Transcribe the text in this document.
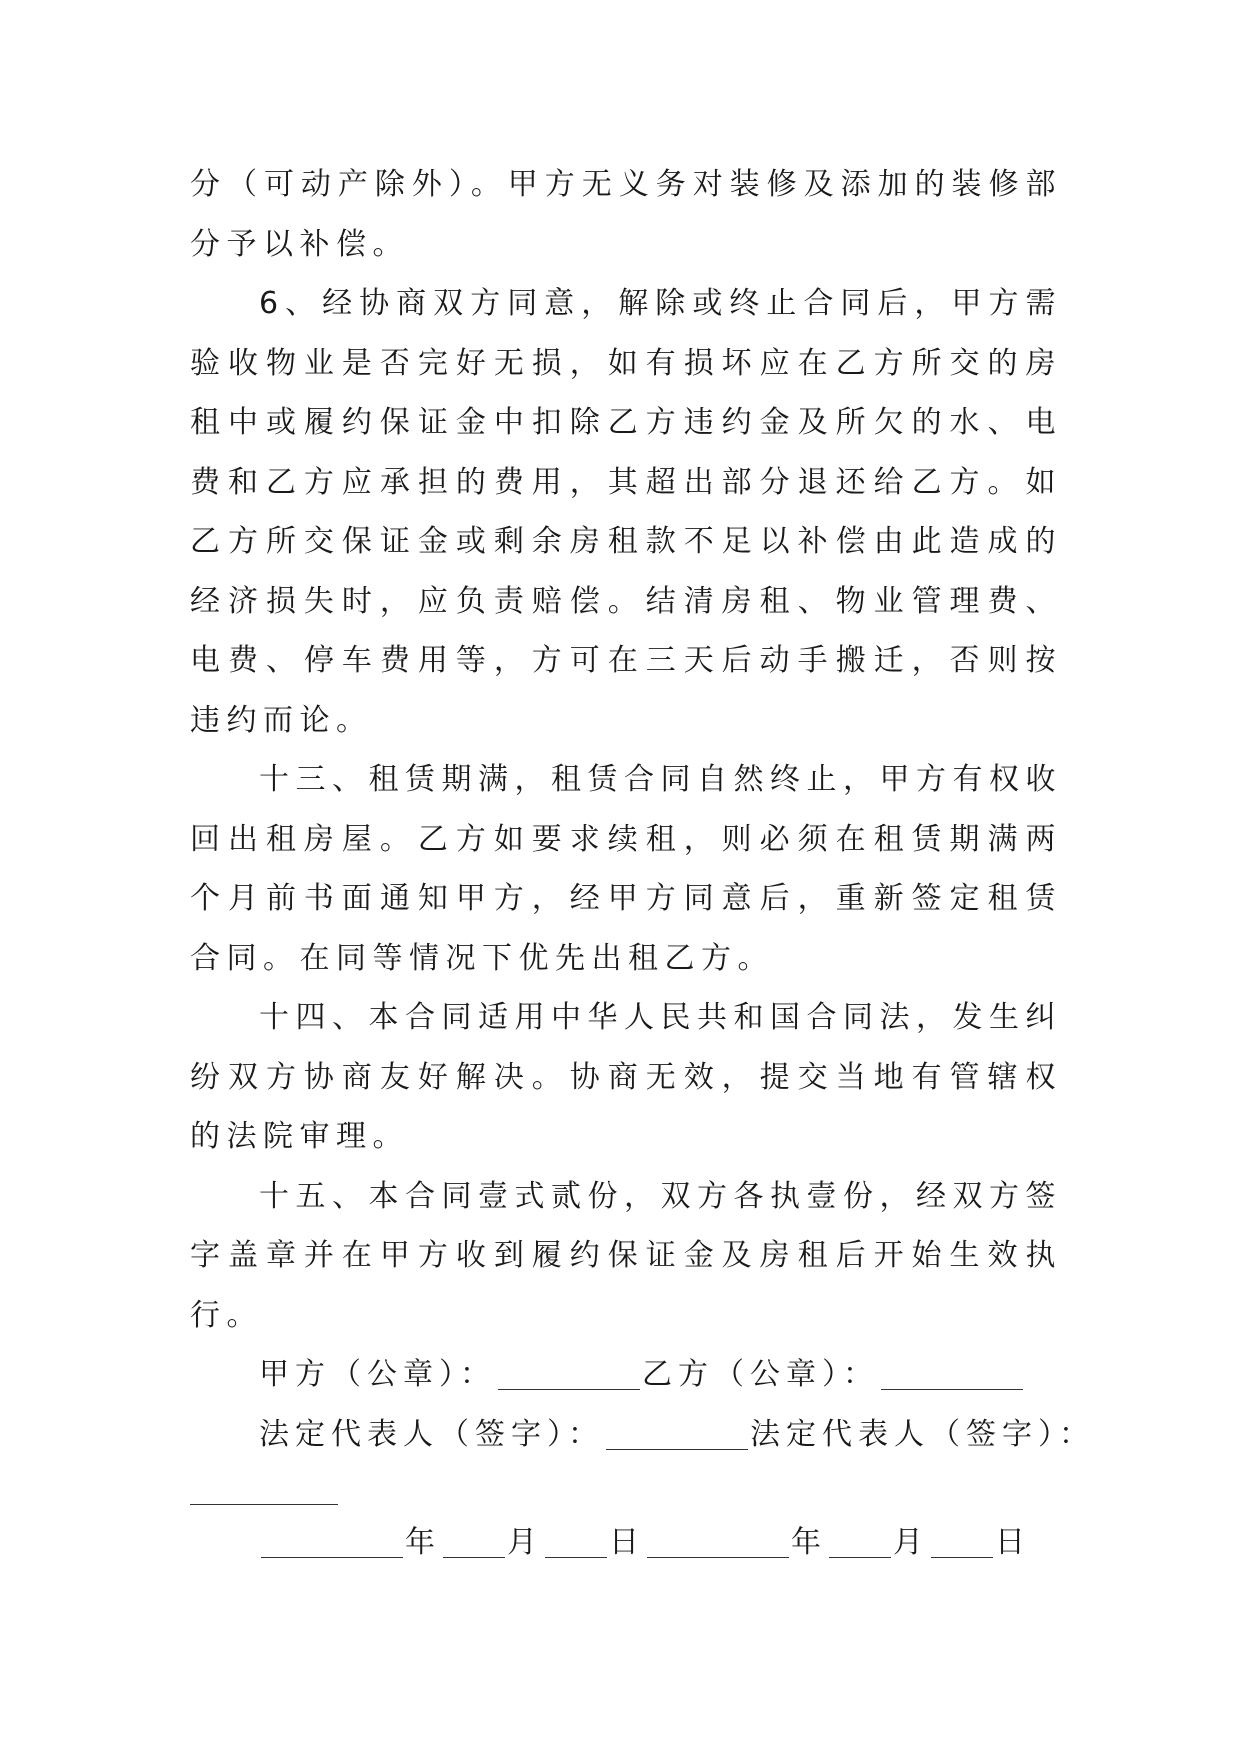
分（可动产除外）。甲方无义务对装修及添加的装修部分予以补偿。

6、经协商双方同意，解除或终止合同后，甲方需验收物业是否完好无损，如有损坏应在乙方所交的房租中或履约保证金中扣除乙方违约金及所欠的水、电费和乙方应承担的费用，其超出部分退还给乙方。如乙方所交保证金或剩余房租款不足以补偿由此造成的经济损失时，应负责赔偿。结清房租、物业管理费、电费、停车费用等，方可在三天后动手搬迁，否则按违约而论。

十三、租赁期满，租赁合同自然终止，甲方有权收回出租房屋。乙方如要求续租，则必须在租赁期满两个月前书面通知甲方，经甲方同意后，重新签定租赁合同。在同等情况下优先出租乙方。

十四、本合同适用中华人民共和国合同法，发生纠纷双方协商友好解决。协商无效，提交当地有管辖权的法院审理。

十五、本合同壹式贰份，双方各执壹份，经双方签字盖章并在甲方收到履约保证金及房租后开始生效执行。

甲方（公章）：	乙方（公章）：
法定代表人（签字）：	法定代表人（签字）：
年 月 日	年 月 日
